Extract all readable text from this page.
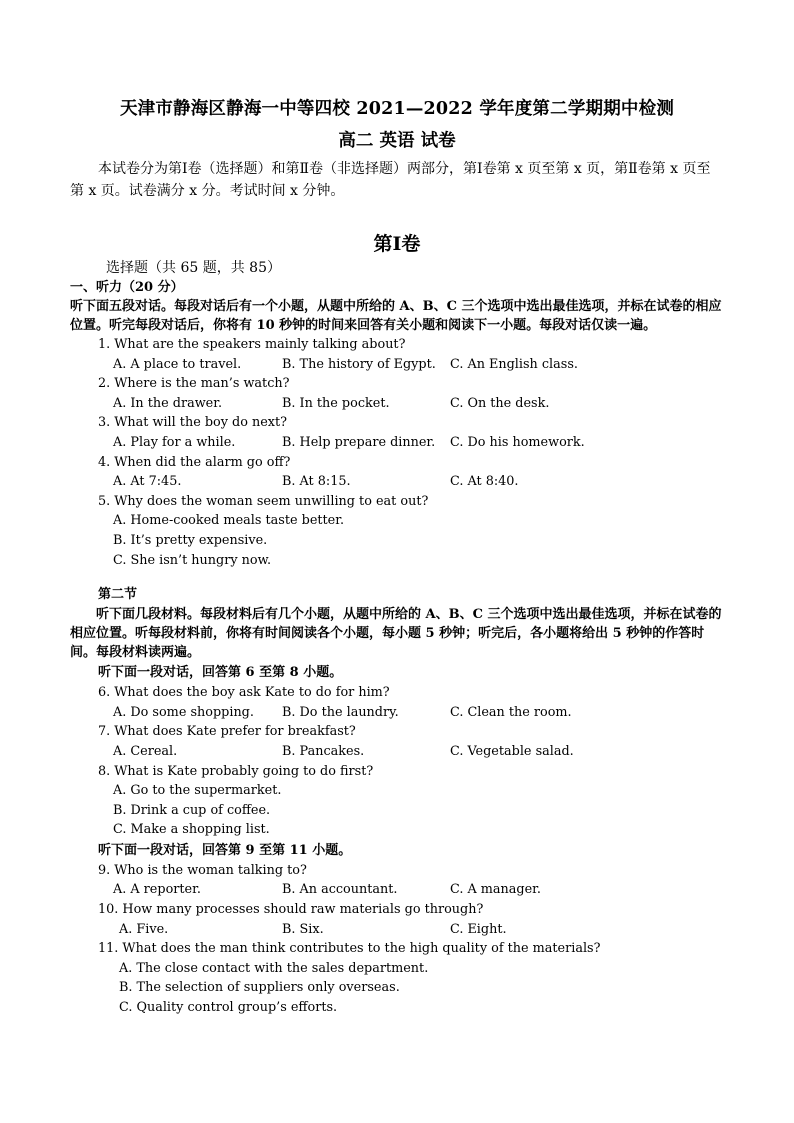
天津市静海区静海一中等四校 2021—2022 学年度第二学期期中检测

高二 英语 试卷

本试卷分为第Ⅰ卷（选择题）和第Ⅱ卷（非选择题）两部分，第Ⅰ卷第 x 页至第 x 页，第Ⅱ卷第 x 页至第 x 页。试卷满分 x 分。考试时间 x 分钟。

第Ⅰ卷

选择题（共 65 题，共 85）

一、听力（20 分）

听下面五段对话。每段对话后有一个小题，从题中所给的 A、B、C 三个选项中选出最佳选项，并标在试卷的相应位置。听完每段对话后，你将有 10 秒钟的时间来回答有关小题和阅读下一小题。每段对话仅读一遍。

1. What are the speakers mainly talking about?

A. A place to travel.	B. The history of Egypt.	C. An English class.

2. Where is the man’s watch?

A. In the drawer.	B. In the pocket.	C. On the desk.

3. What will the boy do next?

A. Play for a while.	B. Help prepare dinner.	C. Do his homework.

4. When did the alarm go off?

A. At 7:45.	B. At 8:15.	C. At 8:40.

5. Why does the woman seem unwilling to eat out?

A. Home-cooked meals taste better.

B. It’s pretty expensive.

C. She isn’t hungry now.

第二节

听下面几段材料。每段材料后有几个小题，从题中所给的 A、B、C 三个选项中选出最佳选项，并标在试卷的相应位置。听每段材料前，你将有时间阅读各个小题，每小题 5 秒钟；听完后，各小题将给出 5 秒钟的作答时间。每段材料读两遍。

听下面一段对话，回答第 6 至第 8 小题。

6. What does the boy ask Kate to do for him?

A. Do some shopping.	B. Do the laundry.	C. Clean the room.

7. What does Kate prefer for breakfast?

A. Cereal.	B. Pancakes.	C. Vegetable salad.

8. What is Kate probably going to do first?

A. Go to the supermarket.

B. Drink a cup of coffee.

C. Make a shopping list.

听下面一段对话，回答第 9 至第 11 小题。

9. Who is the woman talking to?

A. A reporter.	B. An accountant.	C. A manager.

10. How many processes should raw materials go through?

A. Five.	B. Six.	C. Eight.

11. What does the man think contributes to the high quality of the materials?

A. The close contact with the sales department.

B. The selection of suppliers only overseas.

C. Quality control group’s efforts.
